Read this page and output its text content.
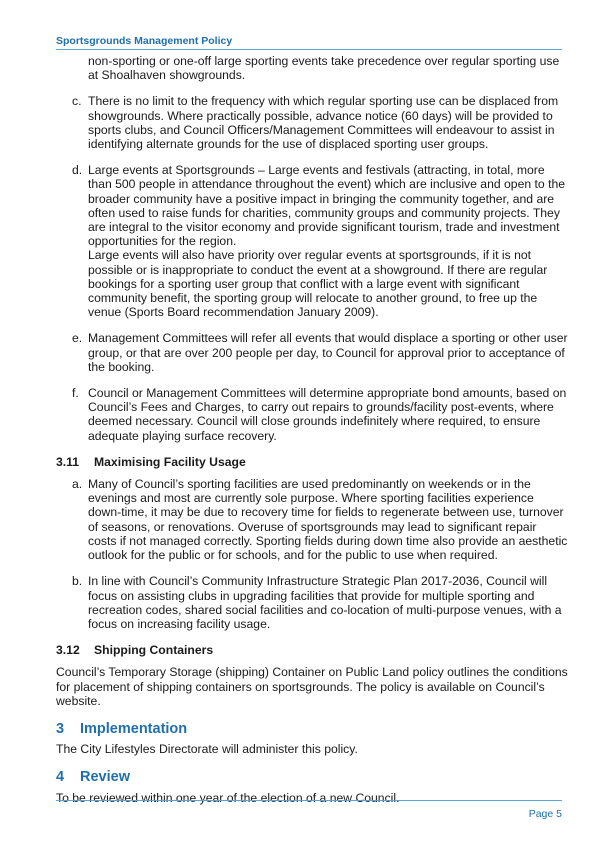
Sportsgrounds Management Policy
non-sporting or one-off large sporting events take precedence over regular sporting use at Shoalhaven showgrounds.
c. There is no limit to the frequency with which regular sporting use can be displaced from showgrounds. Where practically possible, advance notice (60 days) will be provided to sports clubs, and Council Officers/Management Committees will endeavour to assist in identifying alternate grounds for the use of displaced sporting user groups.
d. Large events at Sportsgrounds – Large events and festivals (attracting, in total, more than 500 people in attendance throughout the event) which are inclusive and open to the broader community have a positive impact in bringing the community together, and are often used to raise funds for charities, community groups and community projects. They are integral to the visitor economy and provide significant tourism, trade and investment opportunities for the region.
Large events will also have priority over regular events at sportsgrounds, if it is not possible or is inappropriate to conduct the event at a showground. If there are regular bookings for a sporting user group that conflict with a large event with significant community benefit, the sporting group will relocate to another ground, to free up the venue (Sports Board recommendation January 2009).
e. Management Committees will refer all events that would displace a sporting or other user group, or that are over 200 people per day, to Council for approval prior to acceptance of the booking.
f. Council or Management Committees will determine appropriate bond amounts, based on Council’s Fees and Charges, to carry out repairs to grounds/facility post-events, where deemed necessary. Council will close grounds indefinitely where required, to ensure adequate playing surface recovery.
3.11	Maximising Facility Usage
a. Many of Council’s sporting facilities are used predominantly on weekends or in the evenings and most are currently sole purpose. Where sporting facilities experience down-time, it may be due to recovery time for fields to regenerate between use, turnover of seasons, or renovations. Overuse of sportsgrounds may lead to significant repair costs if not managed correctly. Sporting fields during down time also provide an aesthetic outlook for the public or for schools, and for the public to use when required.
b. In line with Council’s Community Infrastructure Strategic Plan 2017-2036, Council will focus on assisting clubs in upgrading facilities that provide for multiple sporting and recreation codes, shared social facilities and co-location of multi-purpose venues, with a focus on increasing facility usage.
3.12	Shipping Containers
Council’s Temporary Storage (shipping) Container on Public Land policy outlines the conditions for placement of shipping containers on sportsgrounds. The policy is available on Council’s website.
3	Implementation
The City Lifestyles Directorate will administer this policy.
4	Review
To be reviewed within one year of the election of a new Council.
Page 5
